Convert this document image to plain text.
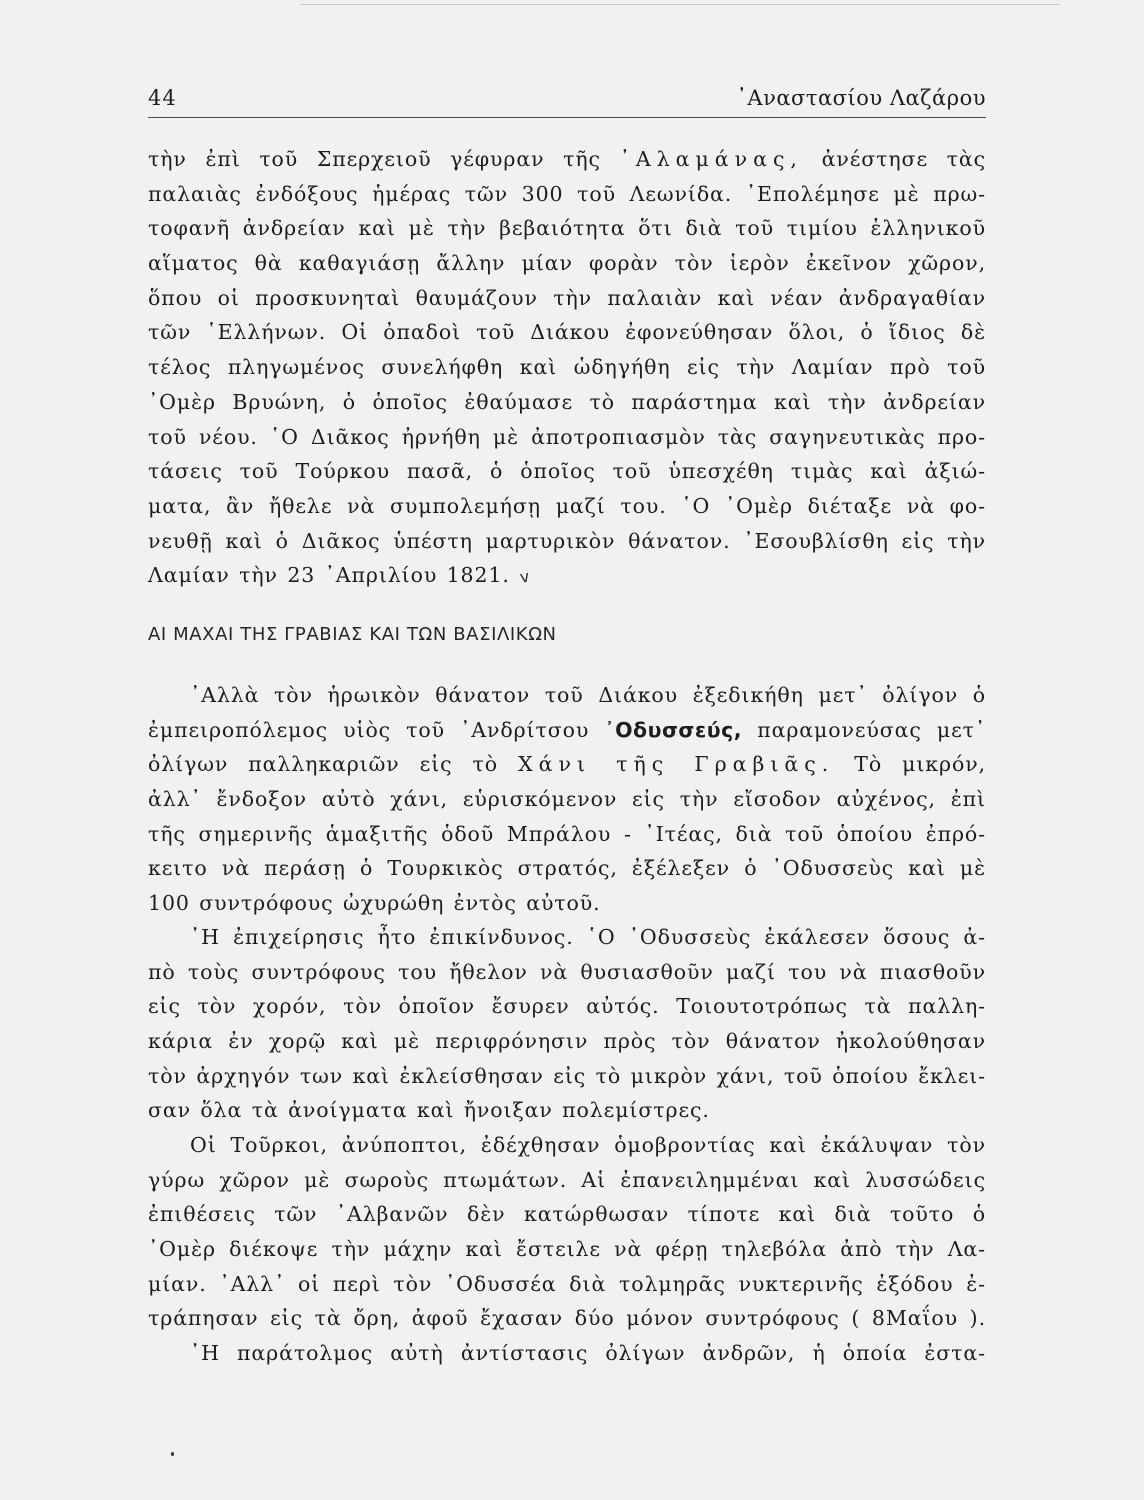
44	᾽Αναστασίου Λαζάρου
τὴν ἐπὶ τοῦ Σπερχειοῦ γέφυραν τῆς ᾽Αλαμάνας, ἀνέστησε τὰς
παλαιὰς ἐνδόξους ἡμέρας τῶν 300 τοῦ Λεωνίδα. ᾽Επολέμησε μὲ πρω-
τοφανῆ ἀνδρείαν καὶ μὲ τὴν βεβαιότητα ὅτι διὰ τοῦ τιμίου ἑλληνικοῦ
αἵματος θὰ καθαγιάσῃ ἄλλην μίαν φορὰν τὸν ἱερὸν ἐκεῖνον χῶρον,
ὅπου οἱ προσκυνηταὶ θαυμάζουν τὴν παλαιὰν καὶ νέαν ἀνδραγαθίαν
τῶν ῾Ελλήνων. Οἱ ὀπαδοὶ τοῦ Διάκου ἐφονεύθησαν ὅλοι, ὁ ἴδιος δὲ
τέλος πληγωμένος συνελήφθη καὶ ὡδηγήθη εἰς τὴν Λαμίαν πρὸ τοῦ
᾽Ομὲρ Βρυώνη, ὁ ὁποῖος ἐθαύμασε τὸ παράστημα καὶ τὴν ἀνδρείαν
τοῦ νέου. ῾Ο Διᾶκος ἠρνήθη μὲ ἀποτροπιασμὸν τὰς σαγηνευτικὰς προ-
τάσεις τοῦ Τούρκου πασᾶ, ὁ ὁποῖος τοῦ ὑπεσχέθη τιμὰς καὶ ἀξιώ-
ματα, ἂν ἤθελε νὰ συμπολεμήσῃ μαζί του. ῾Ο ᾽Ομὲρ διέταξε νὰ φο-
νευθῇ καὶ ὁ Διᾶκος ὑπέστη μαρτυρικὸν θάνατον. ᾽Εσουβλίσθη εἰς τὴν
Λαμίαν τὴν 23 ᾽Απριλίου 1821. v
ΑΙ ΜΑΧΑΙ ΤΗΣ ΓΡΑΒΙΑΣ ΚΑΙ ΤΩΝ ΒΑΣΙΛΙΚΩΝ
᾽Αλλὰ τὸν ἡρωικὸν θάνατον τοῦ Διάκου ἐξεδικήθη μετ᾽ ὀλίγον ὁ
ἐμπειροπόλεμος υἱὸς τοῦ ᾽Ανδρίτσου ᾽Οδυσσεύς, παραμονεύσας μετ᾽
ὀλίγων παλληκαριῶν εἰς τὸ Χάνι τῆς Γραβιᾶς. Τὸ μικρόν,
ἀλλ᾽ ἔνδοξον αὐτὸ χάνι, εὑρισκόμενον εἰς τὴν εἴσοδον αὐχένος, ἐπὶ
τῆς σημερινῆς ἁμαξιτῆς ὁδοῦ Μπράλου - ᾽Ιτέας, διὰ τοῦ ὁποίου ἐπρό-
κειτο νὰ περάσῃ ὁ Τουρκικὸς στρατός, ἐξέλεξεν ὁ ᾽Οδυσσεὺς καὶ μὲ
100 συντρόφους ὠχυρώθη ἐντὸς αὐτοῦ.
῾Η ἐπιχείρησις ἦτο ἐπικίνδυνος. ῾Ο ᾽Οδυσσεὺς ἐκάλεσεν ὅσους ἀ-
πὸ τοὺς συντρόφους του ἤθελον νὰ θυσιασθοῦν μαζί του νὰ πιασθοῦν
εἰς τὸν χορόν, τὸν ὁποῖον ἔσυρεν αὐτός. Τοιουτοτρόπως τὰ παλλη-
κάρια ἐν χορῷ καὶ μὲ περιφρόνησιν πρὸς τὸν θάνατον ἠκολούθησαν
τὸν ἀρχηγόν των καὶ ἐκλείσθησαν εἰς τὸ μικρὸν χάνι, τοῦ ὁποίου ἔκλει-
σαν ὅλα τὰ ἀνοίγματα καὶ ἤνοιξαν πολεμίστρες.
Οἱ Τοῦρκοι, ἀνύποπτοι, ἐδέχθησαν ὁμοβροντίας καὶ ἐκάλυψαν τὸν
γύρω χῶρον μὲ σωροὺς πτωμάτων. Αἱ ἐπανειλημμέναι καὶ λυσσώδεις
ἐπιθέσεις τῶν ᾽Αλβανῶν δὲν κατώρθωσαν τίποτε καὶ διὰ τοῦτο ὁ
᾽Ομὲρ διέκοψε τὴν μάχην καὶ ἔστειλε νὰ φέρῃ τηλεβόλα ἀπὸ τὴν Λα-
μίαν. ᾽Αλλ᾽ οἱ περὶ τὸν ᾽Οδυσσέα διὰ τολμηρᾶς νυκτερινῆς ἐξόδου ἐ-
τράπησαν εἰς τὰ ὄρη, ἀφοῦ ἔχασαν δύο μόνον συντρόφους ( 8Μαΐου ).
῾Η παράτολμος αὐτὴ ἀντίστασις ὀλίγων ἀνδρῶν, ἡ ὁποία ἐστα-
